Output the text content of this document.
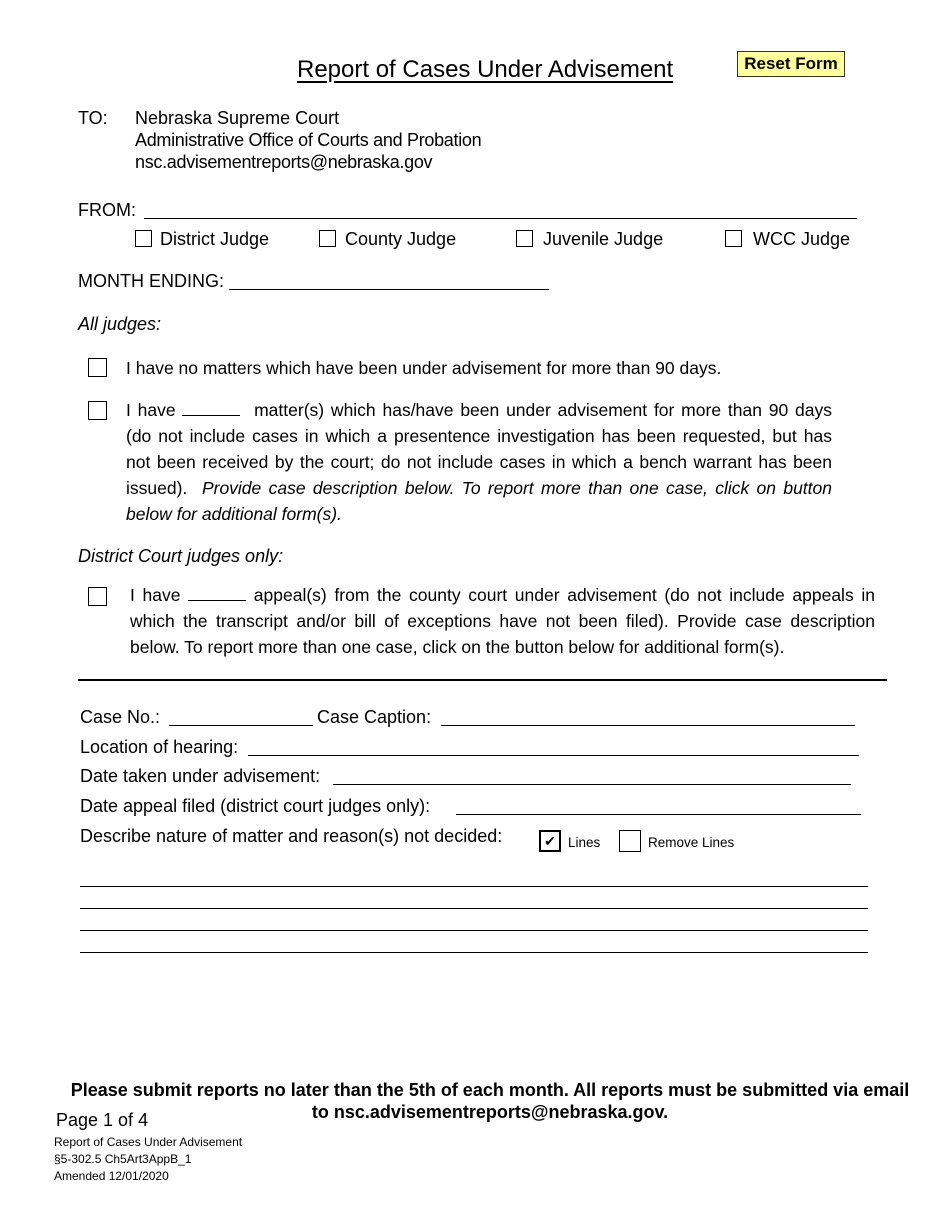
Report of Cases Under Advisement	Reset Form
TO: Nebraska Supreme Court
Administrative Office of Courts and Probation
nsc.advisementreports@nebraska.gov
FROM:
District Judge	County Judge	Juvenile Judge	WCC Judge
MONTH ENDING:
All judges:
I have no matters which have been under advisement for more than 90 days.
I have	matter(s) which has/have been under advisement for more than 90 days (do not include cases in which a presentence investigation has been requested, but has not been received by the court; do not include cases in which a bench warrant has been issued). Provide case description below. To report more than one case, click on button below for additional form(s).
District Court judges only:
I have	appeal(s) from the county court under advisement (do not include appeals in which the transcript and/or bill of exceptions have not been filed). Provide case description below. To report more than one case, click on the button below for additional form(s).
Case No.:	Case Caption:
Location of hearing:
Date taken under advisement:
Date appeal filed (district court judges only):
Describe nature of matter and reason(s) not decided:	✔ Lines	Remove Lines
Please submit reports no later than the 5th of each month. All reports must be submitted via email to nsc.advisementreports@nebraska.gov.
Page 1 of 4
Report of Cases Under Advisement
§5-302.5 Ch5Art3AppB_1
Amended 12/01/2020
